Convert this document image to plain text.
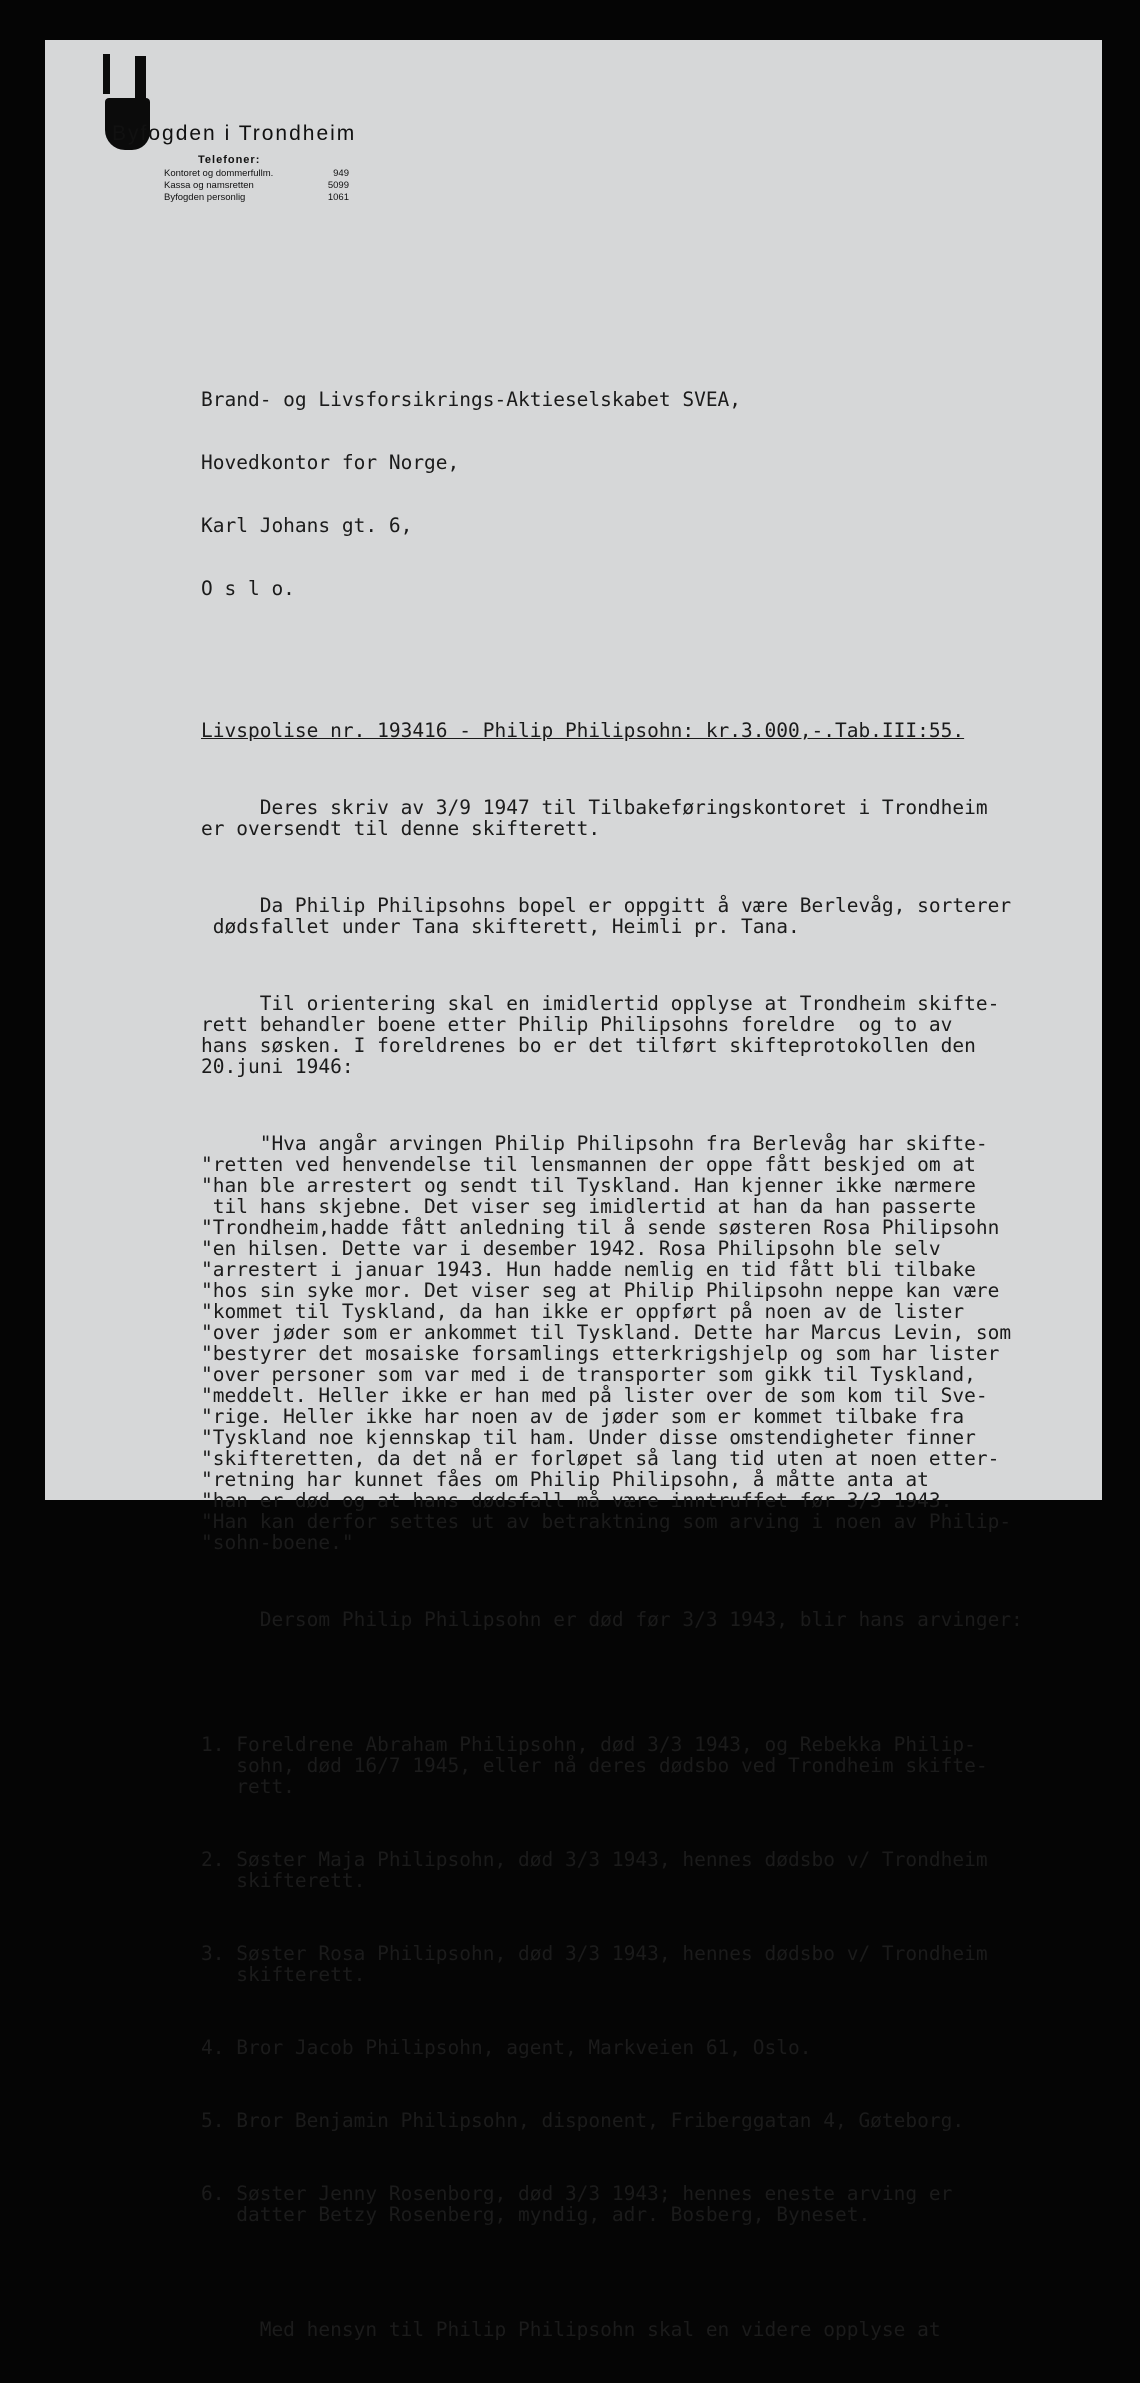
Byfogden i Trondheim
Telefoner:
Kontoret og dommerfullm.	949
Kassa og namsretten	5099
Byfogden personlig	1061

Brand- og Livsforsikrings-Aktieselskabet SVEA,

Hovedkontor for Norge,

Karl Johans gt. 6,

O s l o.

Livspolise nr. 193416 - Philip Philipsohn: kr.3.000,-.Tab.III:55.

Deres skriv av 3/9 1947 til Tilbakeføringskontoret i Trondheim
er oversendt til denne skifterett.

Da Philip Philipsohns bopel er oppgitt å være Berlevåg, sorterer
dødsfallet under Tana skifterett, Heimli pr. Tana.

Til orientering skal en imidlertid opplyse at Trondheim skifte-
rett behandler boene etter Philip Philipsohns foreldre  og to av
hans søsken. I foreldrenes bo er det tilført skifteprotokollen den
20.juni 1946:

"Hva angår arvingen Philip Philipsohn fra Berlevåg har skifte-
"retten ved henvendelse til lensmannen der oppe fått beskjed om at
"han ble arrestert og sendt til Tyskland. Han kjenner ikke nærmere
til hans skjebne. Det viser seg imidlertid at han da han passerte
"Trondheim,hadde fått anledning til å sende søsteren Rosa Philipsohn
"en hilsen. Dette var i desember 1942. Rosa Philipsohn ble selv
"arrestert i januar 1943. Hun hadde nemlig en tid fått bli tilbake
"hos sin syke mor. Det viser seg at Philip Philipsohn neppe kan være
"kommet til Tyskland, da han ikke er oppført på noen av de lister
"over jøder som er ankommet til Tyskland. Dette har Marcus Levin, som
"bestyrer det mosaiske forsamlings etterkrigshjelp og som har lister
"over personer som var med i de transporter som gikk til Tyskland,
"meddelt. Heller ikke er han med på lister over de som kom til Sve-
"rige. Heller ikke har noen av de jøder som er kommet tilbake fra
"Tyskland noe kjennskap til ham. Under disse omstendigheter finner
"skifteretten, da det nå er forløpet så lang tid uten at noen etter-
"retning har kunnet fåes om Philip Philipsohn, å måtte anta at
"han er død og at hans dødsfall må være inntruffet før 3/3 1943.
"Han kan derfor settes ut av betraktning som arving i noen av Philip-
"sohn-boene."

Dersom Philip Philipsohn er død før 3/3 1943, blir hans arvinger:

1. Foreldrene Abraham Philipsohn, død 3/3 1943, og Rebekka Philip-
sohn, død 16/7 1945, eller nå deres dødsbo ved Trondheim skifte-
rett.

2. Søster Maja Philipsohn, død 3/3 1943, hennes dødsbo v/ Trondheim
skifterett.

3. Søster Rosa Philipsohn, død 3/3 1943, hennes dødsbo v/ Trondheim
skifterett.

4. Bror Jacob Philipsohn, agent, Markveien 61, Oslo.

5. Bror Benjamin Philipsohn, disponent, Friberggatan 4, Gøteborg.

6. Søster Jenny Rosenborg, død 3/3 1943; hennes eneste arving er
datter Betzy Rosenberg, myndig, adr. Bosberg, Byneset.

Med hensyn til Philip Philipsohn skal en videre opplyse at
